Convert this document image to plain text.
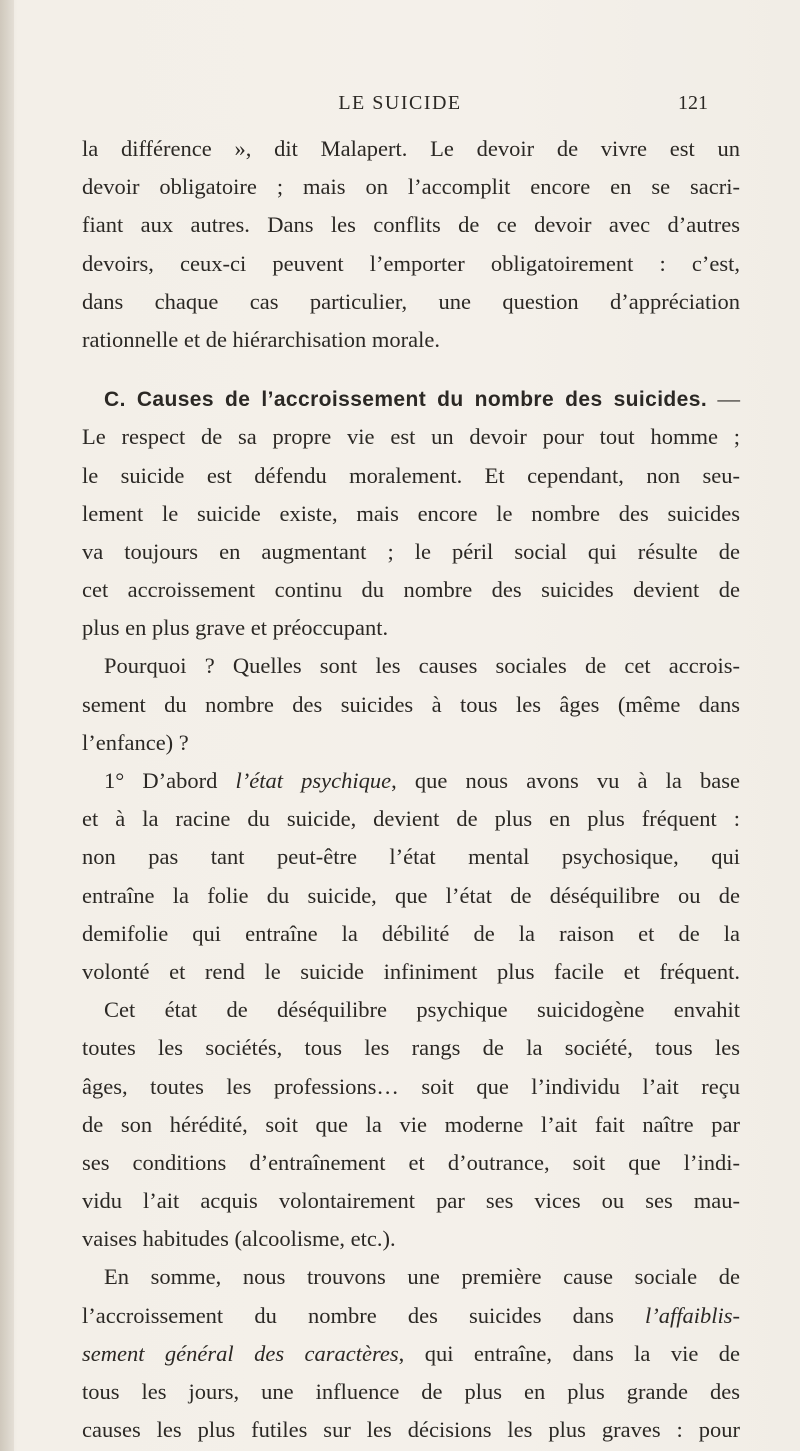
LE SUICIDE	121
la différence », dit Malapert. Le devoir de vivre est un
devoir obligatoire ; mais on l’accomplit encore en se sacri-
fiant aux autres. Dans les conflits de ce devoir avec d’autres
devoirs, ceux-ci peuvent l’emporter obligatoirement : c’est,
dans chaque cas particulier, une question d’appréciation
rationnelle et de hiérarchisation morale.
C. Causes de l’accroissement du nombre des suicides. —
Le respect de sa propre vie est un devoir pour tout homme ;
le suicide est défendu moralement. Et cependant, non seu-
lement le suicide existe, mais encore le nombre des suicides
va toujours en augmentant ; le péril social qui résulte de
cet accroissement continu du nombre des suicides devient de
plus en plus grave et préoccupant.
Pourquoi ? Quelles sont les causes sociales de cet accrois-
sement du nombre des suicides à tous les âges (même dans
l’enfance) ?
1° D’abord l’état psychique, que nous avons vu à la base
et à la racine du suicide, devient de plus en plus fréquent :
non pas tant peut-être l’état mental psychosique, qui
entraîne la folie du suicide, que l’état de déséquilibre ou de
demifolie qui entraîne la débilité de la raison et de la
volonté et rend le suicide infiniment plus facile et fréquent.
Cet état de déséquilibre psychique suicidogène envahit
toutes les sociétés, tous les rangs de la société, tous les
âges, toutes les professions… soit que l’individu l’ait reçu
de son hérédité, soit que la vie moderne l’ait fait naître par
ses conditions d’entraînement et d’outrance, soit que l’indi-
vidu l’ait acquis volontairement par ses vices ou ses mau-
vaises habitudes (alcoolisme, etc.).
En somme, nous trouvons une première cause sociale de
l’accroissement du nombre des suicides dans l’affaiblis-
sement général des caractères, qui entraîne, dans la vie de
tous les jours, une influence de plus en plus grande des
causes les plus futiles sur les décisions les plus graves : pour
